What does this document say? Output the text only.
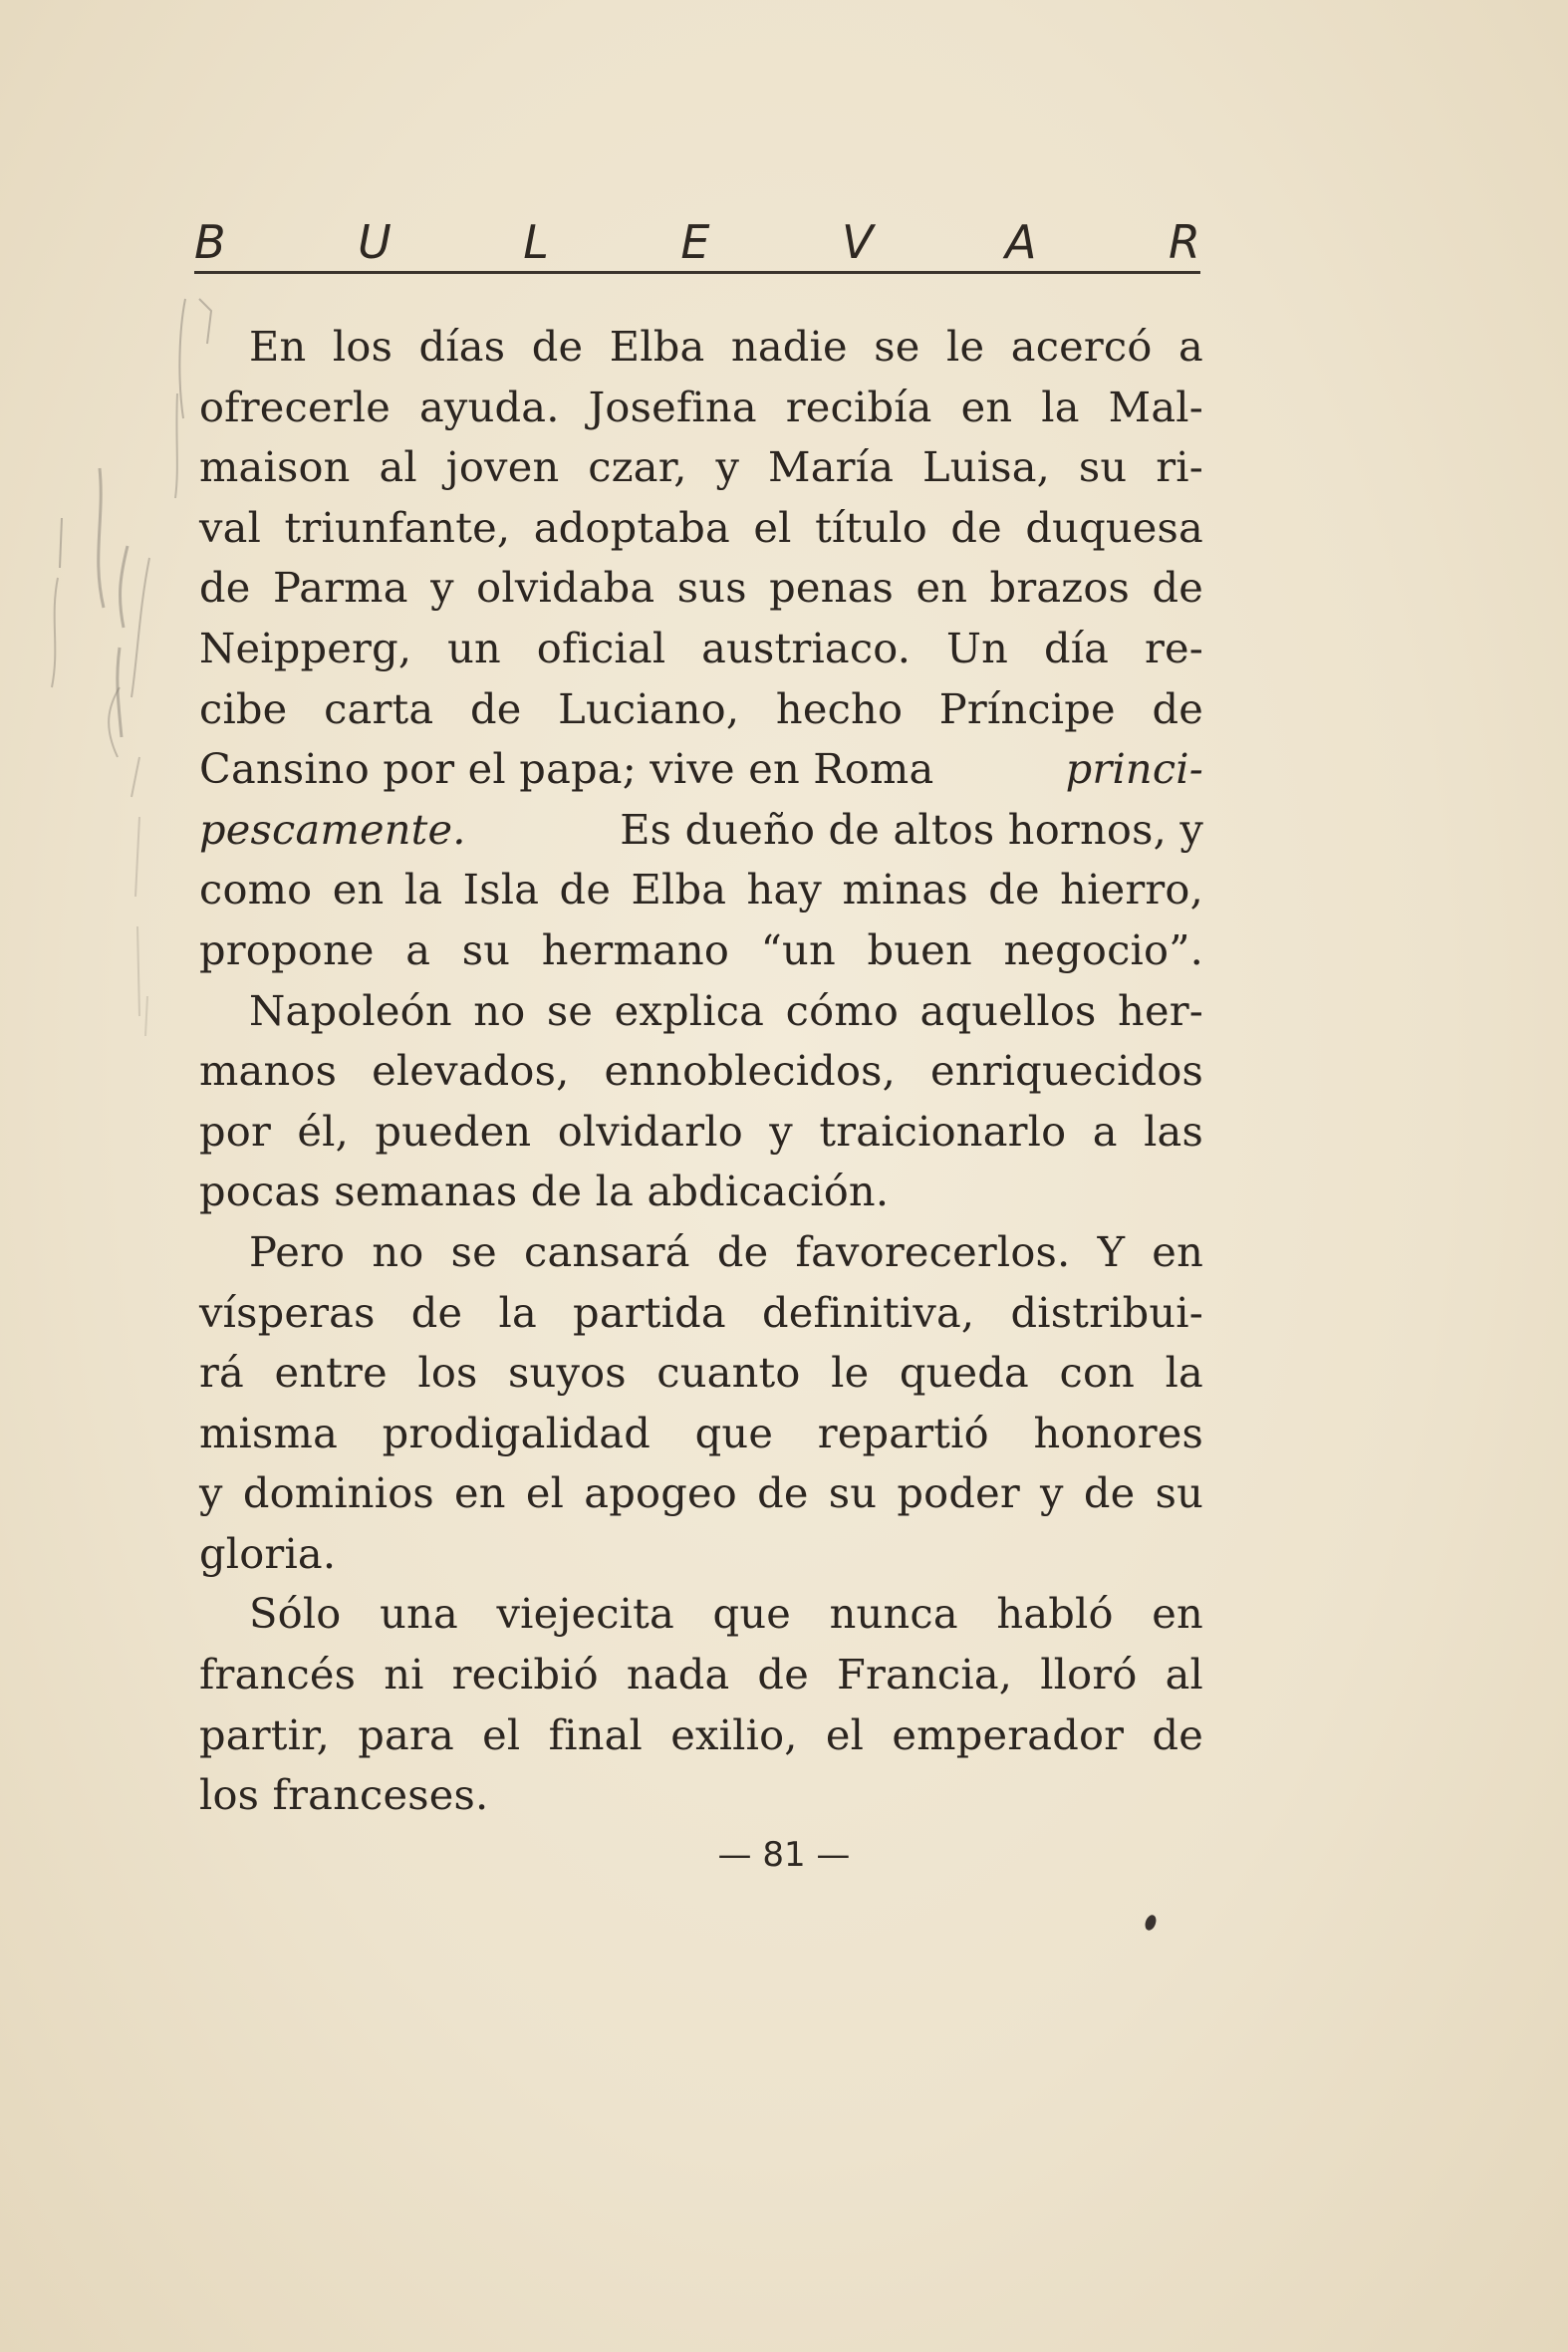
B	U	L	E	V	A	R
En los días de Elba nadie se le acercó a
ofrecerle ayuda. Josefina recibía en la Mal-
maison al joven czar, y María Luisa, su ri-
val triunfante, adoptaba el título de duquesa
de Parma y olvidaba sus penas en brazos de
Neipperg, un oficial austriaco. Un día re-
cibe carta de Luciano, hecho Príncipe de
Cansino por el papa; vive en Roma	princi-
pescamente.	Es dueño de altos hornos, y
como en la Isla de Elba hay minas de hierro,
propone a su hermano “un buen negocio”.
Napoleón no se explica cómo aquellos her-
manos elevados, ennoblecidos, enriquecidos
por él, pueden olvidarlo y traicionarlo a las
pocas semanas de la abdicación.
Pero no se cansará de favorecerlos. Y en
vísperas de la partida definitiva, distribui-
rá entre los suyos cuanto le queda con la
misma prodigalidad que repartió honores
y dominios en el apogeo de su poder y de su
gloria.
Sólo una viejecita que nunca habló en
francés ni recibió nada de Francia, lloró al
partir, para el final exilio, el emperador de
los franceses.
— 81 —
